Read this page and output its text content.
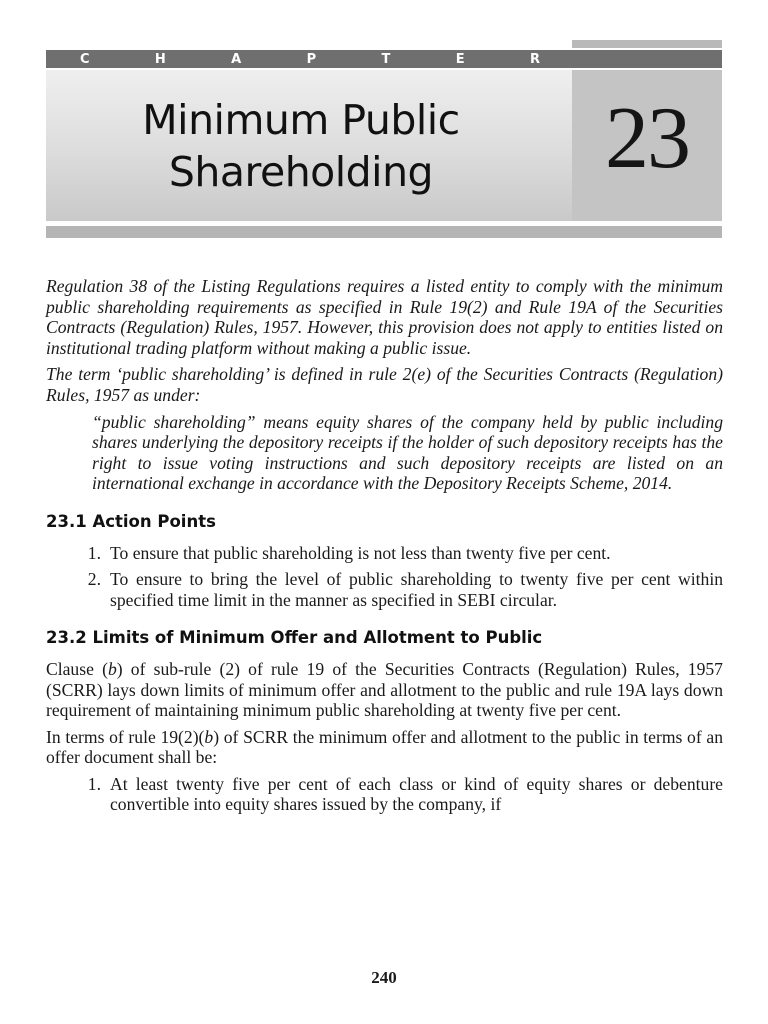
C	H	A	P	T	E	R
Minimum Public
Shareholding	23

Regulation 38 of the Listing Regulations requires a listed entity to comply with the minimum public shareholding requirements as specified in Rule 19(2) and Rule 19A of the Securities Contracts (Regulation) Rules, 1957. However, this provision does not apply to entities listed on institutional trading platform without making a public issue.

The term ‘public shareholding’ is defined in rule 2(e) of the Securities Contracts (Regulation) Rules, 1957 as under:

“public shareholding” means equity shares of the company held by public including shares underlying the depository receipts if the holder of such depository receipts has the right to issue voting instructions and such depository receipts are listed on an international exchange in accordance with the Depository Receipts Scheme, 2014.

23.1 Action Points
1. To ensure that public shareholding is not less than twenty five per cent.
2. To ensure to bring the level of public shareholding to twenty five per cent within specified time limit in the manner as specified in SEBI circular.
23.2 Limits of Minimum Offer and Allotment to Public

Clause (b) of sub-rule (2) of rule 19 of the Securities Contracts (Regulation) Rules, 1957 (SCRR) lays down limits of minimum offer and allotment to the public and rule 19A lays down requirement of maintaining minimum public shareholding at twenty five per cent.

In terms of rule 19(2)(b) of SCRR the minimum offer and allotment to the public in terms of an offer document shall be:

1. At least twenty five per cent of each class or kind of equity shares or debenture convertible into equity shares issued by the company, if
240
